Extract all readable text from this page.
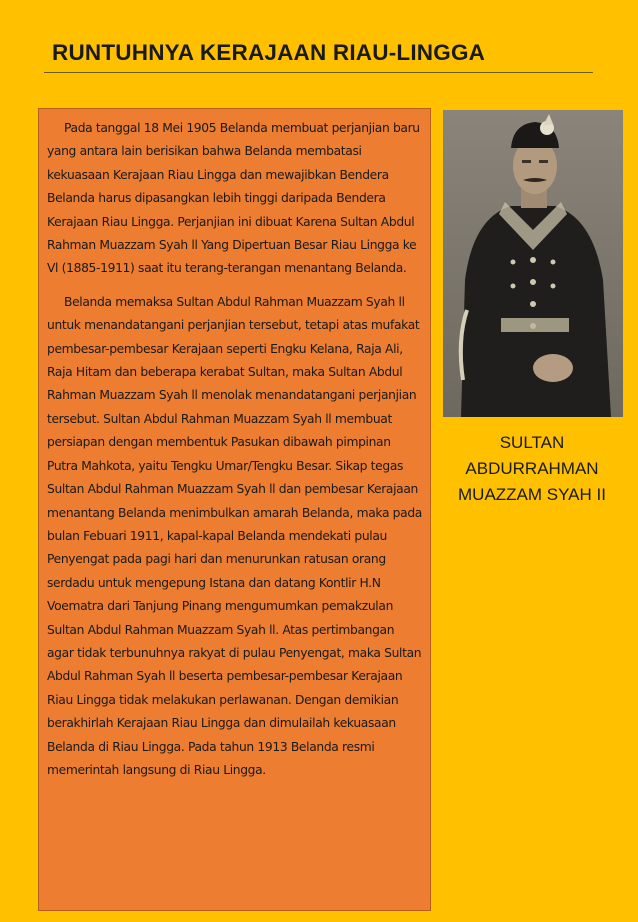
RUNTUHNYA KERAJAAN RIAU-LINGGA

Pada tanggal 18 Mei 1905 Belanda membuat perjanjian baru yang antara lain berisikan bahwa Belanda membatasi kekuasaan Kerajaan Riau Lingga dan mewajibkan Bendera Belanda harus dipasangkan lebih tinggi daripada Bendera Kerajaan Riau Lingga. Perjanjian ini dibuat Karena Sultan Abdul Rahman Muazzam Syah ll Yang Dipertuan Besar Riau Lingga ke Vl (1885-1911) saat itu terang-terangan menantang Belanda.

Belanda memaksa Sultan Abdul Rahman Muazzam Syah ll untuk menandatangani perjanjian tersebut, tetapi atas mufakat pembesar-pembesar Kerajaan seperti Engku Kelana, Raja Ali, Raja Hitam dan beberapa kerabat Sultan, maka Sultan Abdul Rahman Muazzam Syah ll menolak menandatangani perjanjian tersebut. Sultan Abdul Rahman Muazzam Syah ll membuat persiapan dengan membentuk Pasukan dibawah pimpinan Putra Mahkota, yaitu Tengku Umar/Tengku Besar. Sikap tegas Sultan Abdul Rahman Muazzam Syah ll dan pembesar Kerajaan menantang Belanda menimbulkan amarah Belanda, maka pada bulan Febuari 1911, kapal-kapal Belanda mendekati pulau Penyengat pada pagi hari dan menurunkan ratusan orang serdadu untuk mengepung Istana dan datang Kontlir H.N Voematra dari Tanjung Pinang mengumumkan pemakzulan Sultan Abdul Rahman Muazzam Syah ll. Atas pertimbangan agar tidak terbunuhnya rakyat di pulau Penyengat, maka Sultan Abdul Rahman Syah ll beserta pembesar-pembesar Kerajaan Riau Lingga tidak melakukan perlawanan. Dengan demikian berakhirlah Kerajaan Riau Lingga dan dimulailah kekuasaan Belanda di Riau Lingga. Pada tahun 1913 Belanda resmi memerintah langsung di Riau Lingga.

SULTAN
ABDURRAHMAN
MUAZZAM SYAH II
